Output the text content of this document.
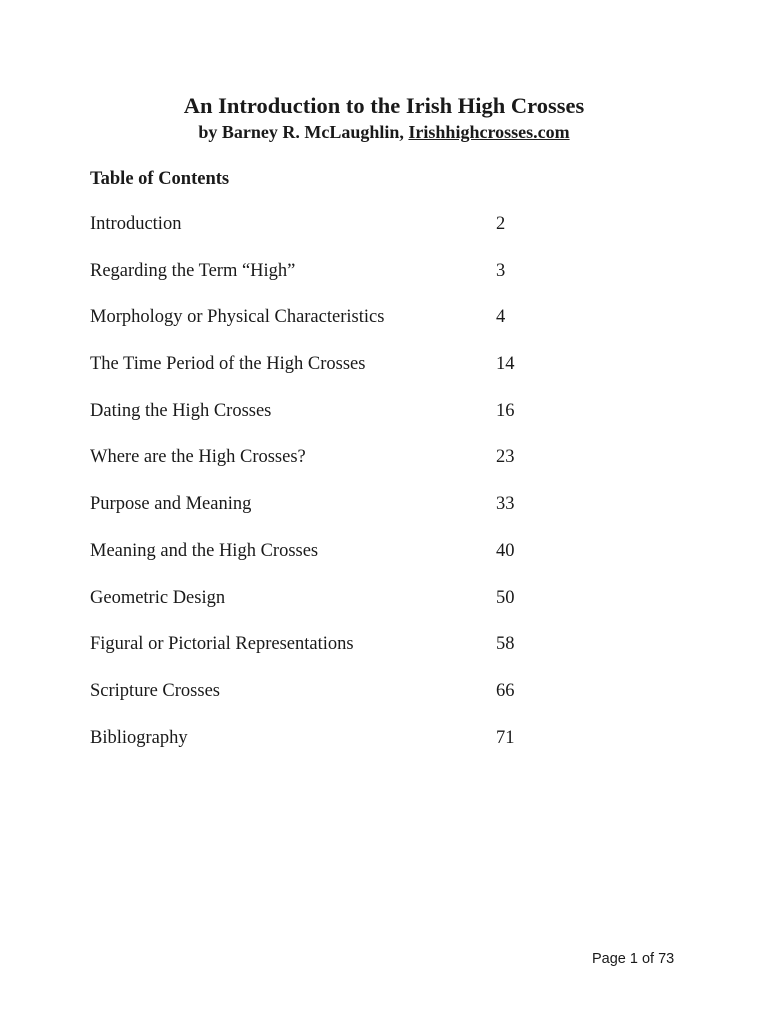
An Introduction to the Irish High Crosses

by Barney R. McLaughlin, Irishhighcrosses.com

Table of Contents

Introduction	2
Regarding the Term “High”	3
Morphology or Physical Characteristics	4
The Time Period of the High Crosses	14
Dating the High Crosses	16
Where are the High Crosses?	23
Purpose and Meaning	33
Meaning and the High Crosses	40
Geometric Design	50
Figural or Pictorial Representations	58
Scripture Crosses	66
Bibliography	71
Page 1 of 73
